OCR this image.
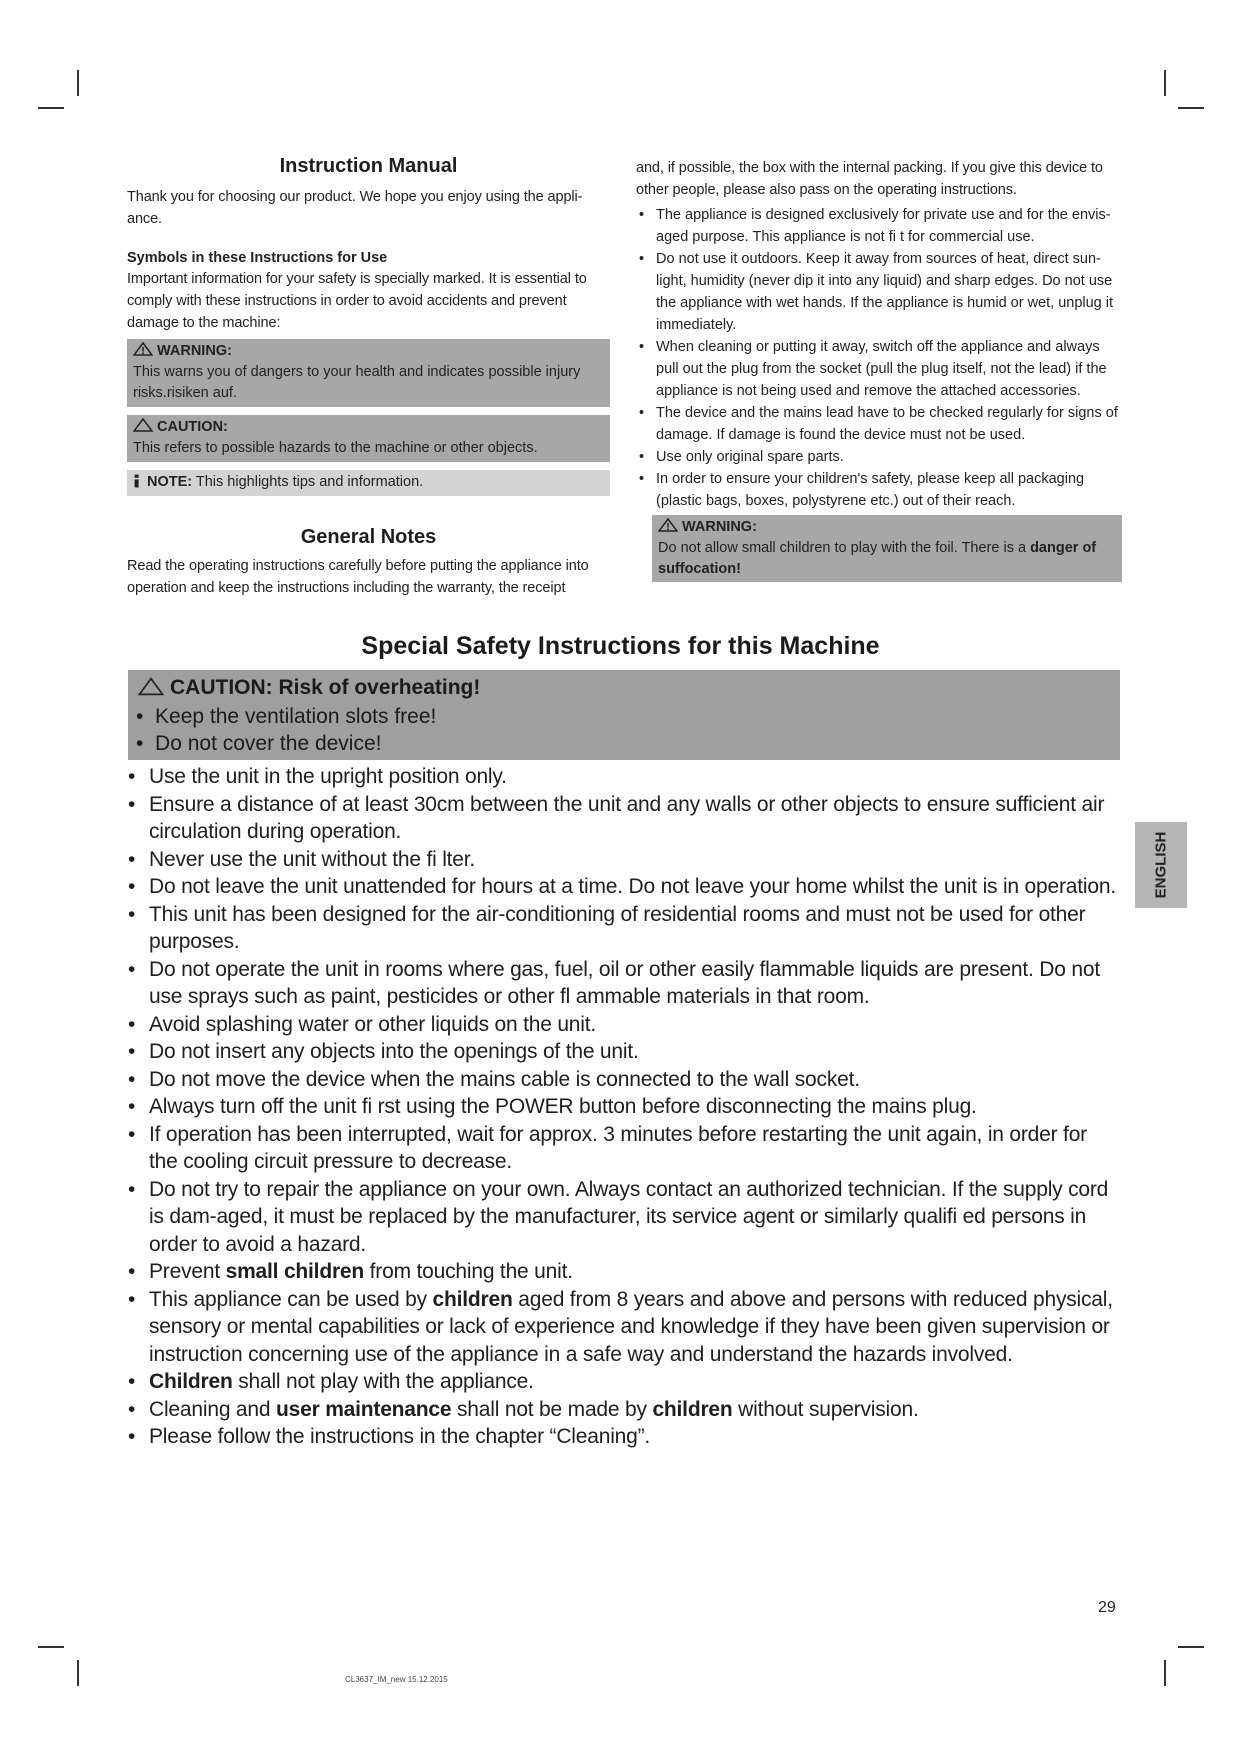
Instruction Manual

Thank you for choosing our product. We hope you enjoy using the appli-ance.

Symbols in these Instructions for Use

Important information for your safety is specially marked. It is essential to comply with these instructions in order to avoid accidents and prevent damage to the machine:

WARNING:
This warns you of dangers to your health and indicates possible injury risks.risiken auf.
CAUTION:
This refers to possible hazards to the machine or other objects.
NOTE: This highlights tips and information.
General Notes

Read the operating instructions carefully before putting the appliance into operation and keep the instructions including the warranty, the receipt

and, if possible, the box with the internal packing. If you give this device to other people, please also pass on the operating instructions.

• The appliance is designed exclusively for private use and for the envis-aged purpose. This appliance is not fi t for commercial use.
• Do not use it outdoors. Keep it away from sources of heat, direct sun-light, humidity (never dip it into any liquid) and sharp edges. Do not use the appliance with wet hands. If the appliance is humid or wet, unplug it immediately.
• When cleaning or putting it away, switch off the appliance and always pull out the plug from the socket (pull the plug itself, not the lead) if the appliance is not being used and remove the attached accessories.
• The device and the mains lead have to be checked regularly for signs of damage. If damage is found the device must not be used.
• Use only original spare parts.
• In order to ensure your children's safety, please keep all packaging (plastic bags, boxes, polystyrene etc.) out of their reach.
WARNING:
Do not allow small children to play with the foil. There is a danger of suffocation!
Special Safety Instructions for this Machine
CAUTION: Risk of overheating!
•  Keep the ventilation slots free!
•  Do not cover the device!
• Use the unit in the upright position only.
• Ensure a distance of at least 30cm between the unit and any walls or other objects to ensure sufficient air circulation during operation.
• Never use the unit without the fi lter.
• Do not leave the unit unattended for hours at a time. Do not leave your home whilst the unit is in operation.
• This unit has been designed for the air-conditioning of residential rooms and must not be used for other purposes.
• Do not operate the unit in rooms where gas, fuel, oil or other easily flammable liquids are present. Do not use sprays such as paint, pesticides or other fl ammable materials in that room.
• Avoid splashing water or other liquids on the unit.
• Do not insert any objects into the openings of the unit.
• Do not move the device when the mains cable is connected to the wall socket.
• Always turn off the unit fi rst using the POWER button before disconnecting the mains plug.
• If operation has been interrupted, wait for approx. 3 minutes before restarting the unit again, in order for the cooling circuit pressure to decrease.
• Do not try to repair the appliance on your own. Always contact an authorized technician. If the supply cord is dam-aged, it must be replaced by the manufacturer, its service agent or similarly qualifi ed persons in order to avoid a hazard.
• Prevent small children from touching the unit.
• This appliance can be used by children aged from 8 years and above and persons with reduced physical, sensory or mental capabilities or lack of experience and knowledge if they have been given supervision or instruction concerning use of the appliance in a safe way and understand the hazards involved.
• Children shall not play with the appliance.
• Cleaning and user maintenance shall not be made by children without supervision.
• Please follow the instructions in the chapter “Cleaning”.
ENGLISH
29
CL3637_IM_new 15.12.2015
